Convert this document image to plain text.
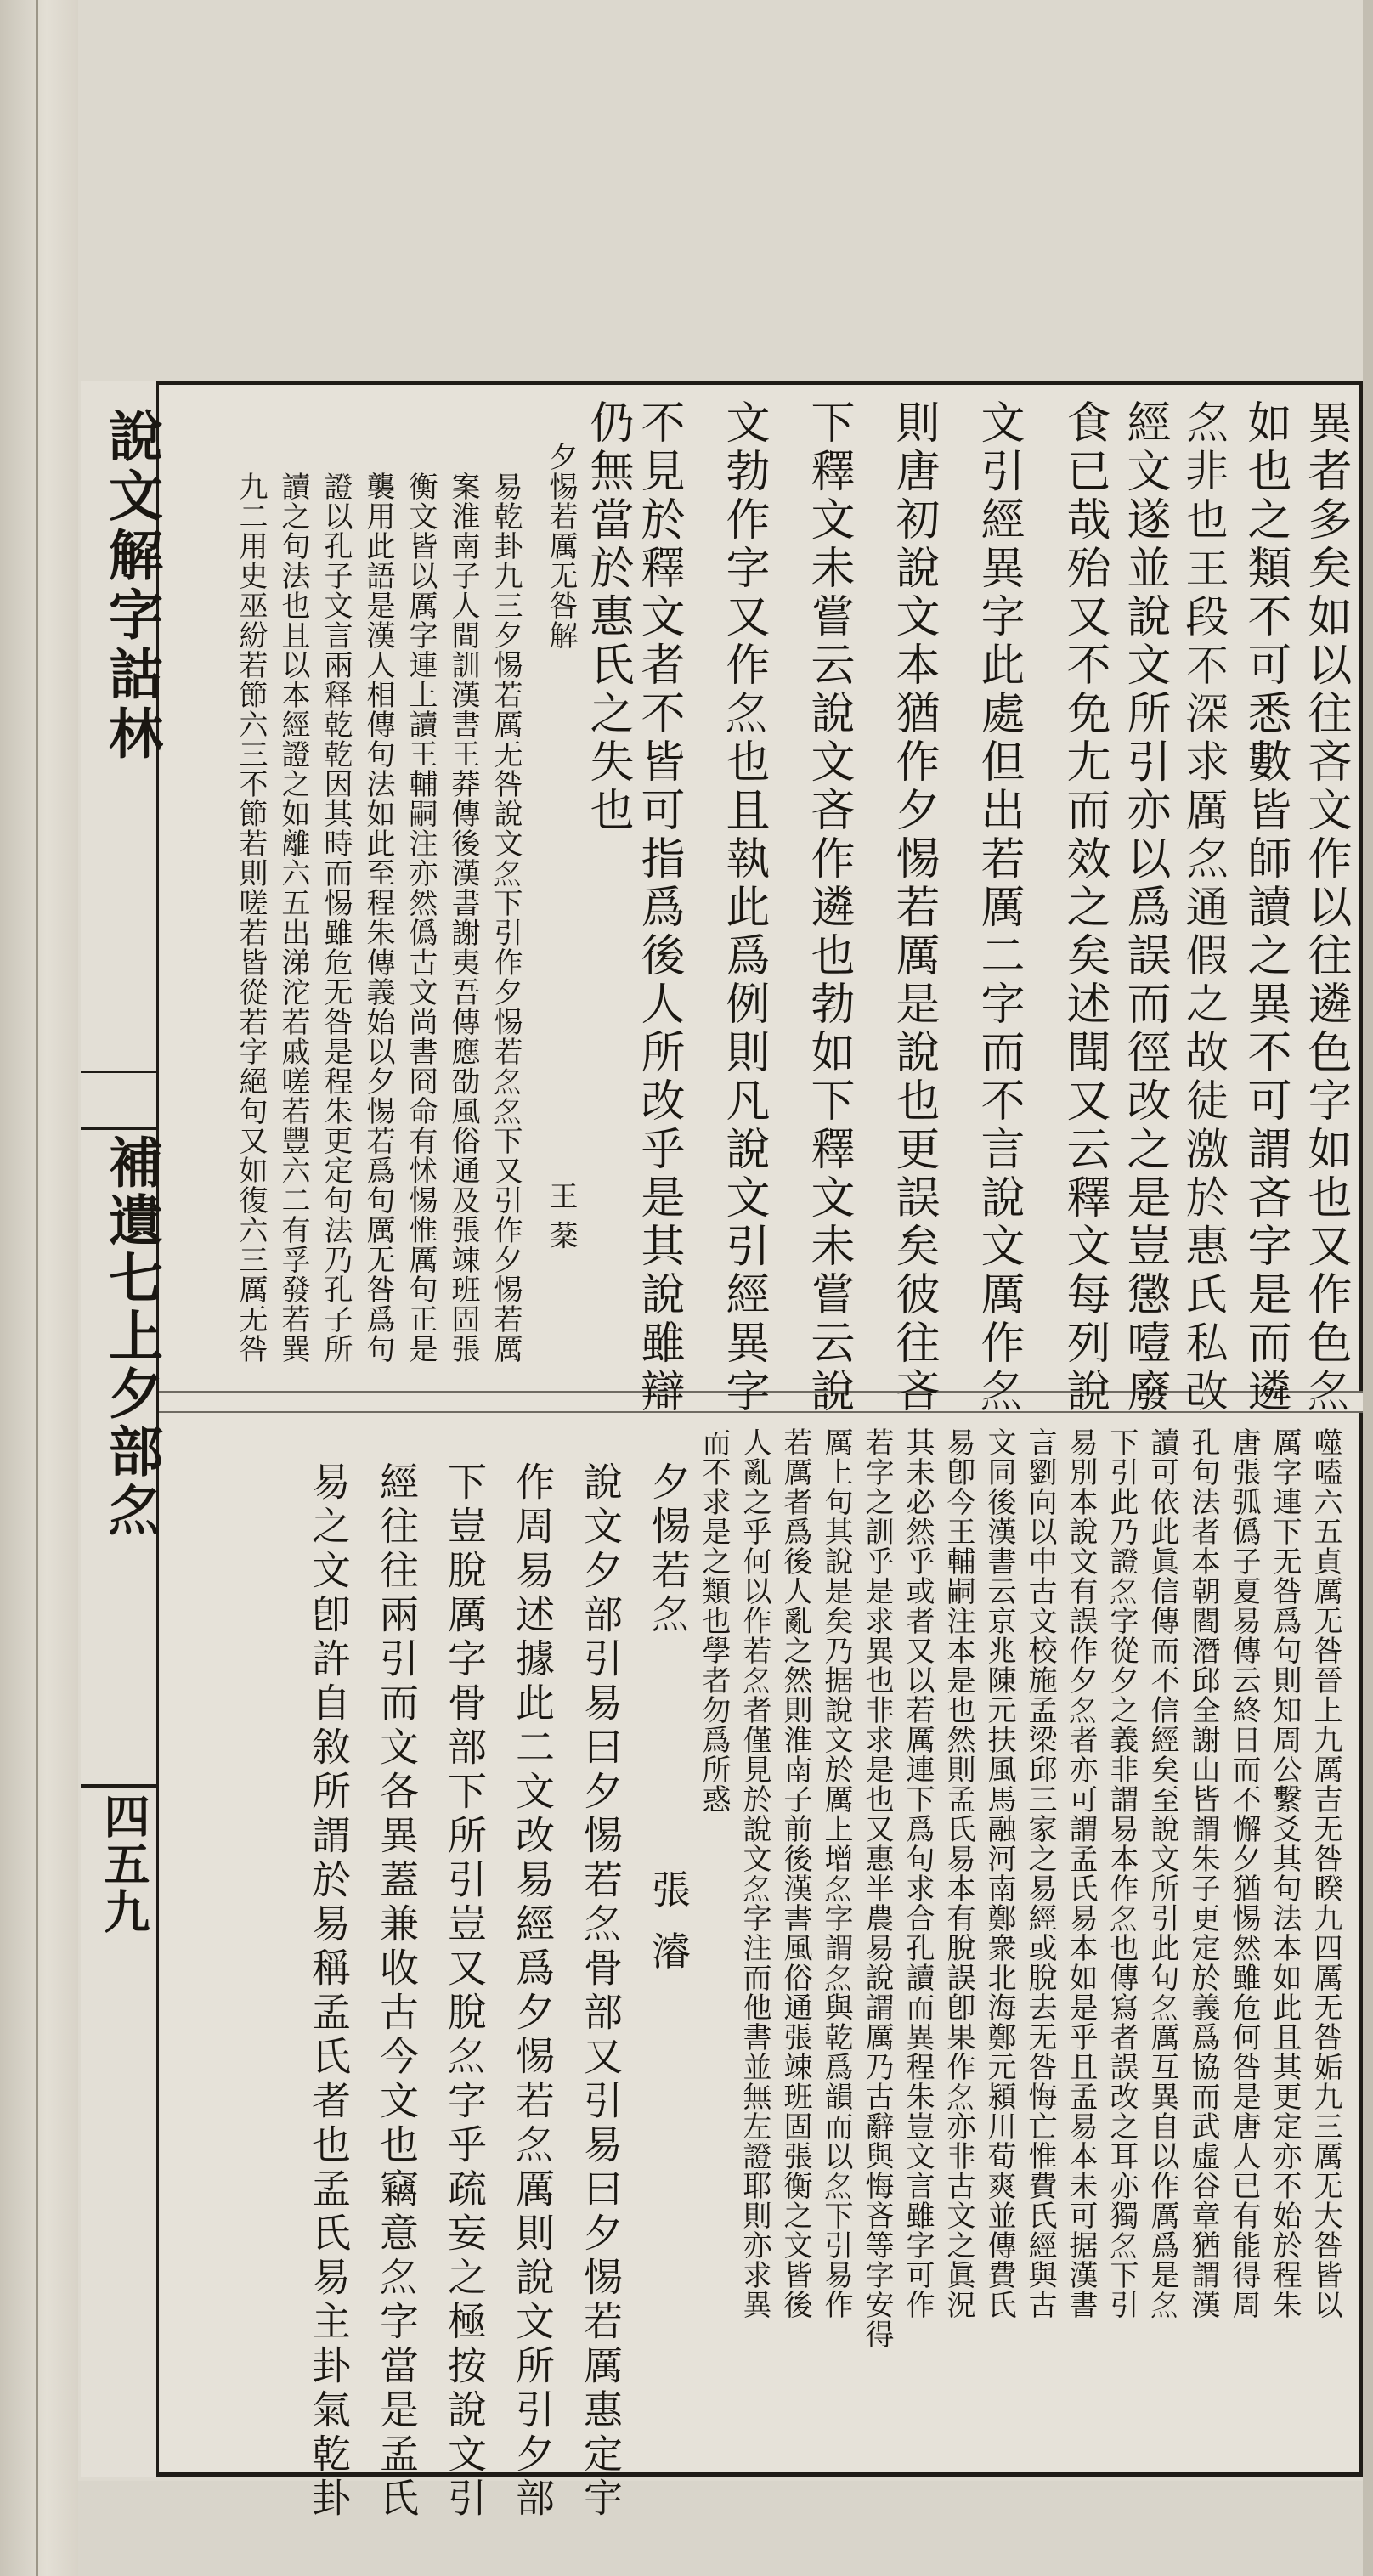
說文解字詁林
補遺七上夕部𡖋
四五九
異者多矣如以往吝文作以往遴色字如也又作色𡖋
如也之類不可悉數皆師讀之異不可謂吝字是而遴
𡖋非也王段不深求厲𡖋通假之故徒激於惠氏私改
經文遂並說文所引亦以爲誤而徑改之是豈懲噎廢
食已哉殆又不免尢而效之矣述聞又云釋文每列說
文引經異字此處但出若厲二字而不言說文厲作𡖋
則唐初說文本猶作夕惕若厲是說也更誤矣彼往吝
下釋文未嘗云說文吝作遴也勃如下釋文未嘗云說
文勃作字又作𡖋也且執此爲例則凡說文引經異字
不見於釋文者不皆可指爲後人所改乎是其說雖辯
仍無當於惠氏之失也
夕惕若厲无咎解
王 棻
易乾卦九三夕惕若厲无咎說文𡖋下引作夕惕若𡖋𡖋下又引作夕惕若厲
案淮南子人間訓漢書王莽傳後漢書謝夷吾傳應劭風俗通及張竦班固張
衡文皆以厲字連上讀王輔嗣注亦然僞古文尚書冏命有怵惕惟厲句正是
襲用此語是漢人相傳句法如此至程朱傳義始以夕惕若爲句厲无咎爲句
證以孔子文言兩释乾乾因其時而惕雖危无咎是程朱更定句法乃孔子所
讀之句法也且以本經證之如離六五出涕沱若戚嗟若豐六二有孚發若巽
九二用史巫紛若節六三不節若則嗟若皆從若字絕句又如復六三厲无咎
噬嗑六五貞厲无咎晉上九厲吉无咎睽九四厲无咎姤九三厲无大咎皆以
厲字連下无咎爲句則知周公繫爻其句法本如此且其更定亦不始於程朱
唐張弧僞子夏易傳云終日而不懈夕猶惕然雖危何咎是唐人已有能得周
孔句法者本朝閻潛邱全謝山皆謂朱子更定於義爲協而武虛谷章猶謂漢
讀可依此眞信傳而不信經矣至說文所引此句𡖋厲互異自以作厲爲是𡖋
下引此乃證𡖋字從夕之義非謂易本作𡖋也傳寫者誤改之耳亦獨𡖋下引
易別本說文有誤作夕𡖋者亦可謂孟氏易本如是乎且孟易本未可据漢書
言劉向以中古文校施孟梁邱三家之易經或脫去无咎悔亡惟費氏經與古
文同後漢書云京兆陳元扶風馬融河南鄭衆北海鄭元潁川荀爽並傳費氏
易卽今王輔嗣注本是也然則孟氏易本有脫誤卽果作𡖋亦非古文之眞況
其未必然乎或者又以若厲連下爲句求合孔讀而異程朱豈文言雖字可作
若字之訓乎是求異也非求是也又惠半農易說謂厲乃古辭與悔吝等字安得
厲上句其說是矣乃据說文於厲上增𡖋字謂𡖋與乾爲韻而以𡖋下引易作
若厲者爲後人亂之然則淮南子前後漢書風俗通張竦班固張衡之文皆後
人亂之乎何以作若𡖋者僅見於說文𡖋字注而他書並無左證耶則亦求異
而不求是之類也學者勿爲所惑
夕惕若𡖋
張 濬
說文夕部引易曰夕惕若𡖋骨部又引易曰夕惕若厲惠定宇
作周易述據此二文改易經爲夕惕若𡖋厲則說文所引夕部
下豈脫厲字骨部下所引豈又脫𡖋字乎疏妄之極按說文引
經往往兩引而文各異蓋兼收古今文也竊意𡖋字當是孟氏
易之文卽許自敘所謂於易稱孟氏者也孟氏易主卦氣乾卦
